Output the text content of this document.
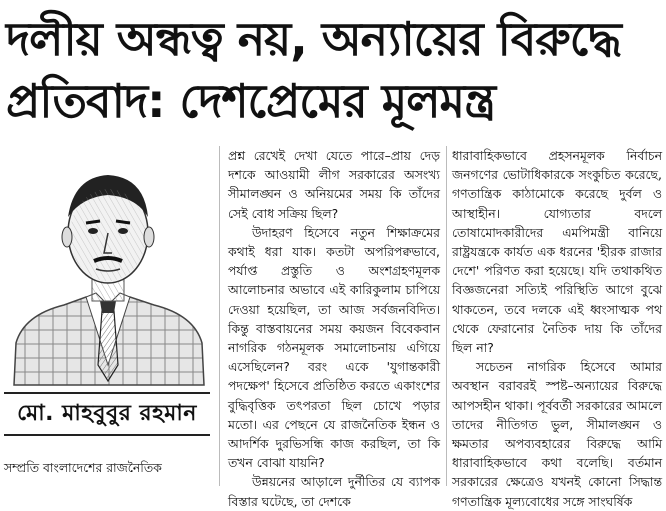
দলীয় অন্ধত্ব নয়, অন্যায়ের বিরুদ্ধে
প্রতিবাদ: দেশপ্রেমের মূলমন্ত্র
মো. মাহবুবুর রহমান

সম্প্রতি বাংলাদেশের রাজনৈতিক

প্রশ্ন রেখেই দেখা যেতে পারে–প্রায় দেড় দশকে আওয়ামী লীগ সরকারের অসংখ্য সীমালঙ্ঘন ও অনিয়মের সময় কি তাঁদের সেই বোধ সক্রিয় ছিল?

উদাহরণ হিসেবে নতুন শিক্ষাক্রমের কথাই ধরা যাক। কতটা অপরিপক্বভাবে, পর্যাপ্ত প্রস্তুতি ও অংশগ্রহণমূলক আলোচনার অভাবে এই কারিকুলাম চাপিয়ে দেওয়া হয়েছিল, তা আজ সর্বজনবিদিত। কিন্তু বাস্তবায়নের সময় কয়জন বিবেকবান নাগরিক গঠনমূলক সমালোচনায় এগিয়ে এসেছিলেন? বরং একে 'যুগান্তকারী পদক্ষেপ' হিসেবে প্রতিষ্ঠিত করতে একাংশের বুদ্ধিবৃত্তিক তৎপরতা ছিল চোখে পড়ার মতো। এর পেছনে যে রাজনৈতিক ইন্ধন ও আদর্শিক দুরভিসন্ধি কাজ করছিল, তা কি তখন বোঝা যায়নি?

উন্নয়নের আড়ালে দুর্নীতির যে ব্যাপক বিস্তার ঘটেছে, তা দেশকে

ধারাবাহিকভাবে প্রহসনমূলক নির্বাচন জনগণের ভোটাধিকারকে সংকুচিত করেছে, গণতান্ত্রিক কাঠামোকে করেছে দুর্বল ও আস্থাহীন। যোগ্যতার বদলে তোষামোদকারীদের এমপিমন্ত্রী বানিয়ে রাষ্ট্রযন্ত্রকে কার্যত এক ধরনের 'হীরক রাজার দেশে' পরিণত করা হয়েছে। যদি তথাকথিত বিজ্ঞজনেরা সত্যিই পরিস্থিতি আগে বুঝে থাকতেন, তবে দলকে এই ধ্বংসাত্মক পথ থেকে ফেরানোর নৈতিক দায় কি তাঁদের ছিল না?

সচেতন নাগরিক হিসেবে আমার অবস্থান বরাবরই স্পষ্ট–অন্যায়ের বিরুদ্ধে আপসহীন থাকা। পূর্ববর্তী সরকারের আমলে তাদের নীতিগত ভুল, সীমালঙ্ঘন ও ক্ষমতার অপব্যবহারের বিরুদ্ধে আমি ধারাবাহিকভাবে কথা বলেছি। বর্তমান সরকারের ক্ষেত্রেও যখনই কোনো সিদ্ধান্ত গণতান্ত্রিক মূল্যবোধের সঙ্গে সাংঘর্ষিক
